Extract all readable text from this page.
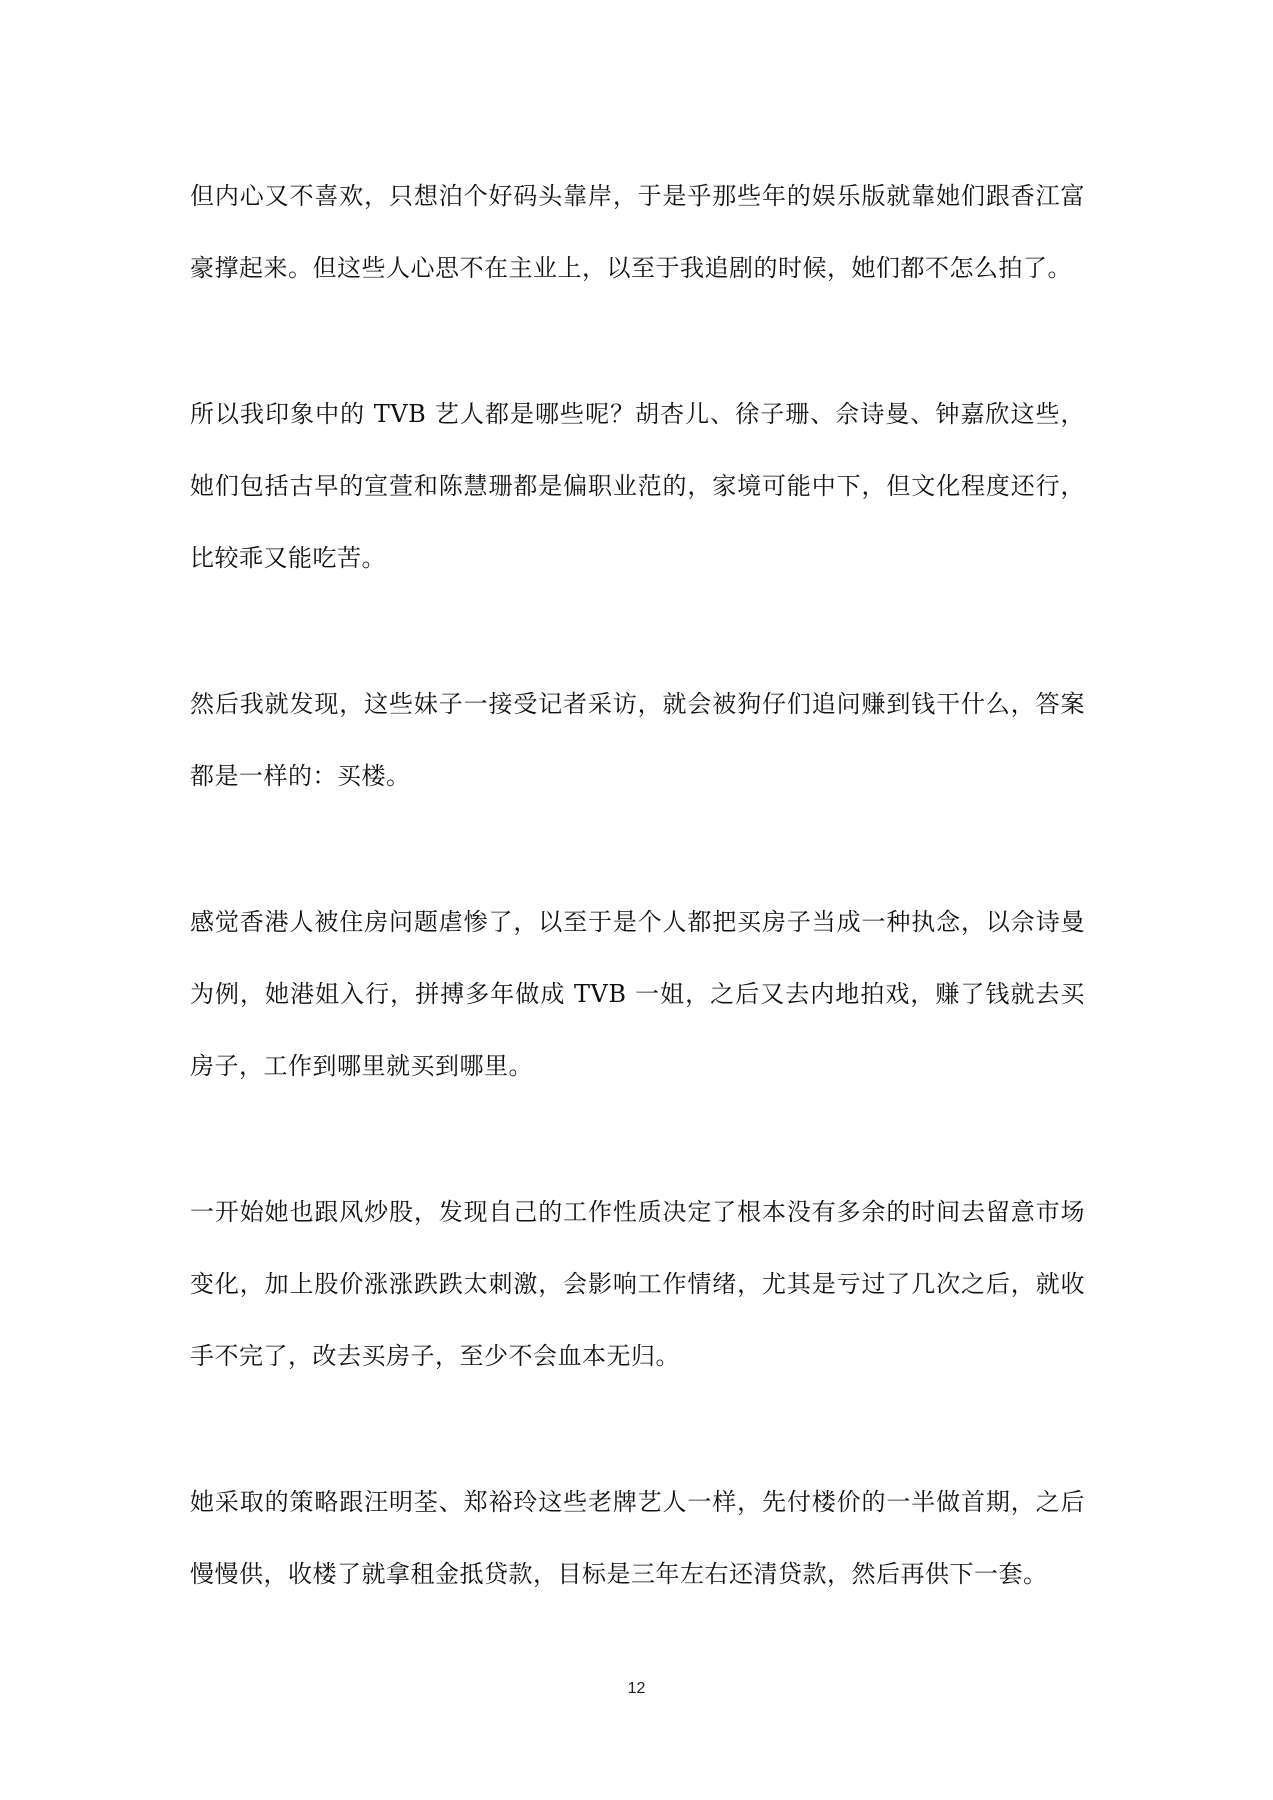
但内心又不喜欢，只想泊个好码头靠岸，于是乎那些年的娱乐版就靠她们跟香江富豪撑起来。但这些人心思不在主业上，以至于我追剧的时候，她们都不怎么拍了。

所以我印象中的 TVB 艺人都是哪些呢？胡杏儿、徐子珊、佘诗曼、钟嘉欣这些，她们包括古早的宣萱和陈慧珊都是偏职业范的，家境可能中下，但文化程度还行，比较乖又能吃苦。

然后我就发现，这些妹子一接受记者采访，就会被狗仔们追问赚到钱干什么，答案都是一样的：买楼。

感觉香港人被住房问题虐惨了，以至于是个人都把买房子当成一种执念，以佘诗曼为例，她港姐入行，拼搏多年做成 TVB 一姐，之后又去内地拍戏，赚了钱就去买房子，工作到哪里就买到哪里。

一开始她也跟风炒股，发现自己的工作性质决定了根本没有多余的时间去留意市场变化，加上股价涨涨跌跌太刺激，会影响工作情绪，尤其是亏过了几次之后，就收手不完了，改去买房子，至少不会血本无归。

她采取的策略跟汪明荃、郑裕玲这些老牌艺人一样，先付楼价的一半做首期，之后慢慢供，收楼了就拿租金抵贷款，目标是三年左右还清贷款，然后再供下一套。

12
